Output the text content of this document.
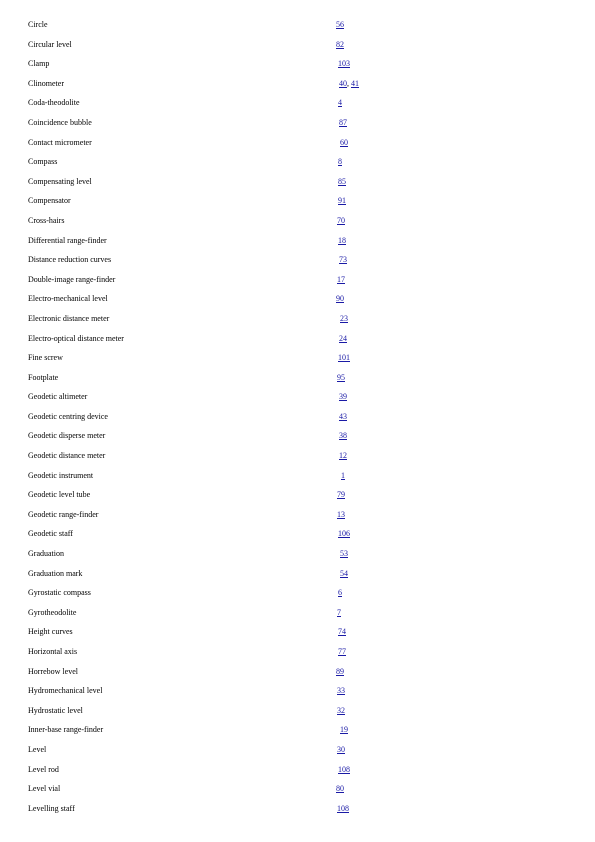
Circle	56
Circular level	82
Clamp	103
Clinometer	40, 41
Coda-theodolite	4
Coincidence bubble	87
Contact micrometer	60
Compass	8
Compensating level	85
Compensator	91
Cross-hairs	70
Differential range-finder	18
Distance reduction curves	73
Double-image range-finder	17
Electro-mechanical level	90
Electronic distance meter	23
Electro-optical distance meter	24
Fine screw	101
Footplate	95
Geodetic altimeter	39
Geodetic centring device	43
Geodetic disperse meter	38
Geodetic distance meter	12
Geodetic instrument	1
Geodetic level tube	79
Geodetic range-finder	13
Geodetic staff	106
Graduation	53
Graduation mark	54
Gyrostatic compass	6
Gyrotheodolite	7
Height curves	74
Horizontal axis	77
Horrebow level	89
Hydromechanical level	33
Hydrostatic level	32
Inner-base range-finder	19
Level	30
Level rod	108
Level vial	80
Levelling staff	108
